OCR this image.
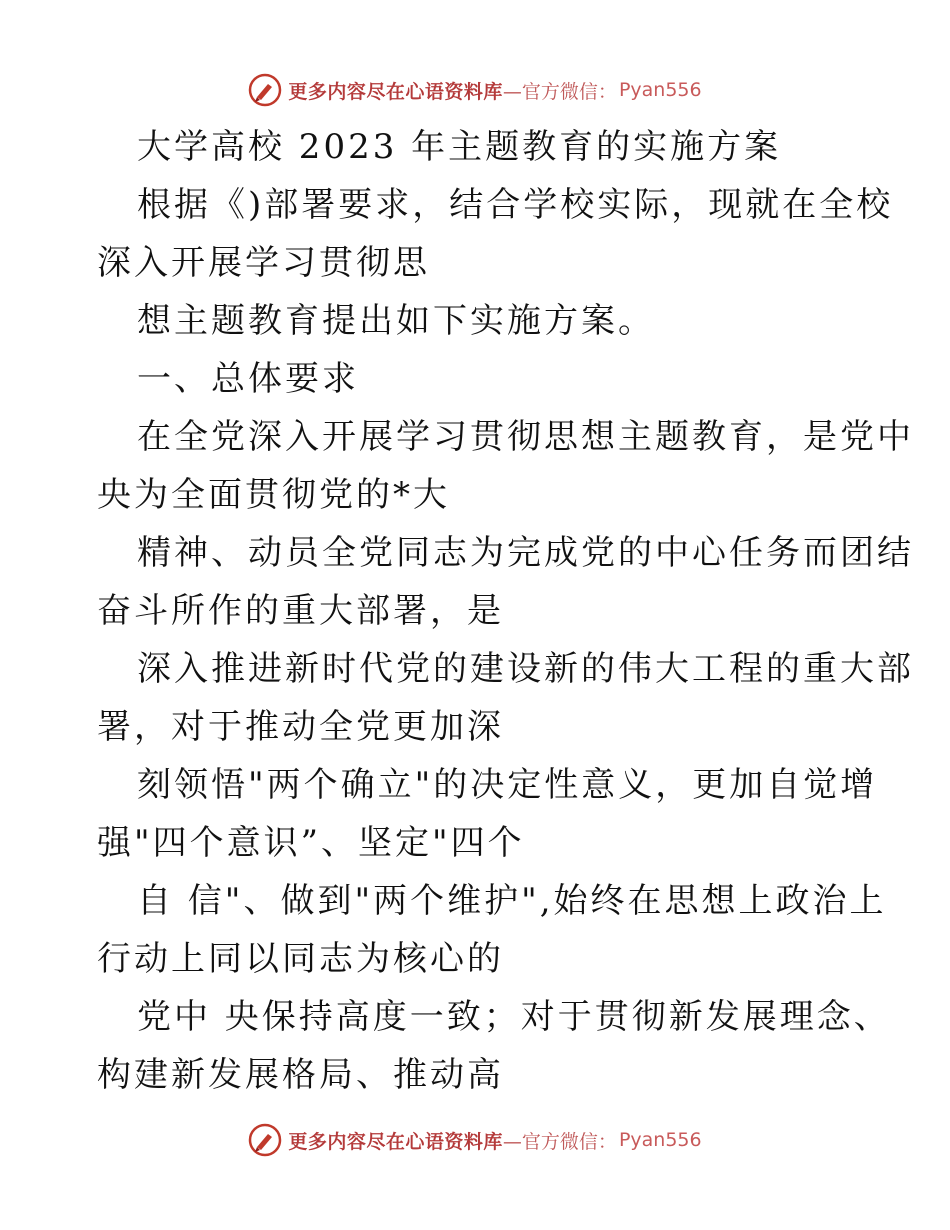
更多内容尽在心语资料库 —官方微信： Pyan556
大学高校 2023 年主题教育的实施方案
根据《)部署要求，结合学校实际，现就在全校
深入开展学习贯彻思
想主题教育提出如下实施方案。
一、总体要求
在全党深入开展学习贯彻思想主题教育，是党中
央为全面贯彻党的*大
精神、动员全党同志为完成党的中心任务而团结
奋斗所作的重大部署，是
深入推进新时代党的建设新的伟大工程的重大部
署，对于推动全党更加深
刻领悟"两个确立"的决定性意义，更加自觉增
强"四个意识”、坚定"四个
自 信"、做到"两个维护",始终在思想上政治上
行动上同以同志为核心的
党中 央保持高度一致；对于贯彻新发展理念、
构建新发展格局、推动高
更多内容尽在心语资料库 —官方微信： Pyan556
